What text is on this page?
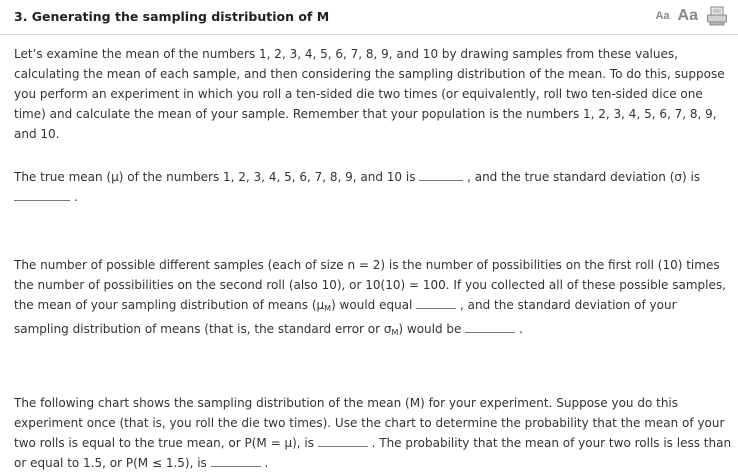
3. Generating the sampling distribution of M	Aa Aa

Let’s examine the mean of the numbers 1, 2, 3, 4, 5, 6, 7, 8, 9, and 10 by drawing samples from these values, calculating the mean of each sample, and then considering the sampling distribution of the mean. To do this, suppose you perform an experiment in which you roll a ten-sided die two times (or equivalently, roll two ten-sided dice one time) and calculate the mean of your sample. Remember that your population is the numbers 1, 2, 3, 4, 5, 6, 7, 8, 9, and 10.

The true mean (μ) of the numbers 1, 2, 3, 4, 5, 6, 7, 8, 9, and 10 is	, and the true standard deviation (σ) is
.

The number of possible different samples (each of size n = 2) is the number of possibilities on the first roll (10) times the number of possibilities on the second roll (also 10), or 10(10) = 100. If you collected all of these possible samples, the mean of your sampling distribution of means $(\mu_M)$ would equal	, and the standard deviation of your sampling distribution of means (that is, the standard error or $\sigma_M$) would be	.

The following chart shows the sampling distribution of the mean (M) for your experiment. Suppose you do this experiment once (that is, you roll the die two times). Use the chart to determine the probability that the mean of your two rolls is equal to the true mean, or P(M = μ), is	. The probability that the mean of your two rolls is less than or equal to 1.5, or P(M ≤ 1.5), is	.
